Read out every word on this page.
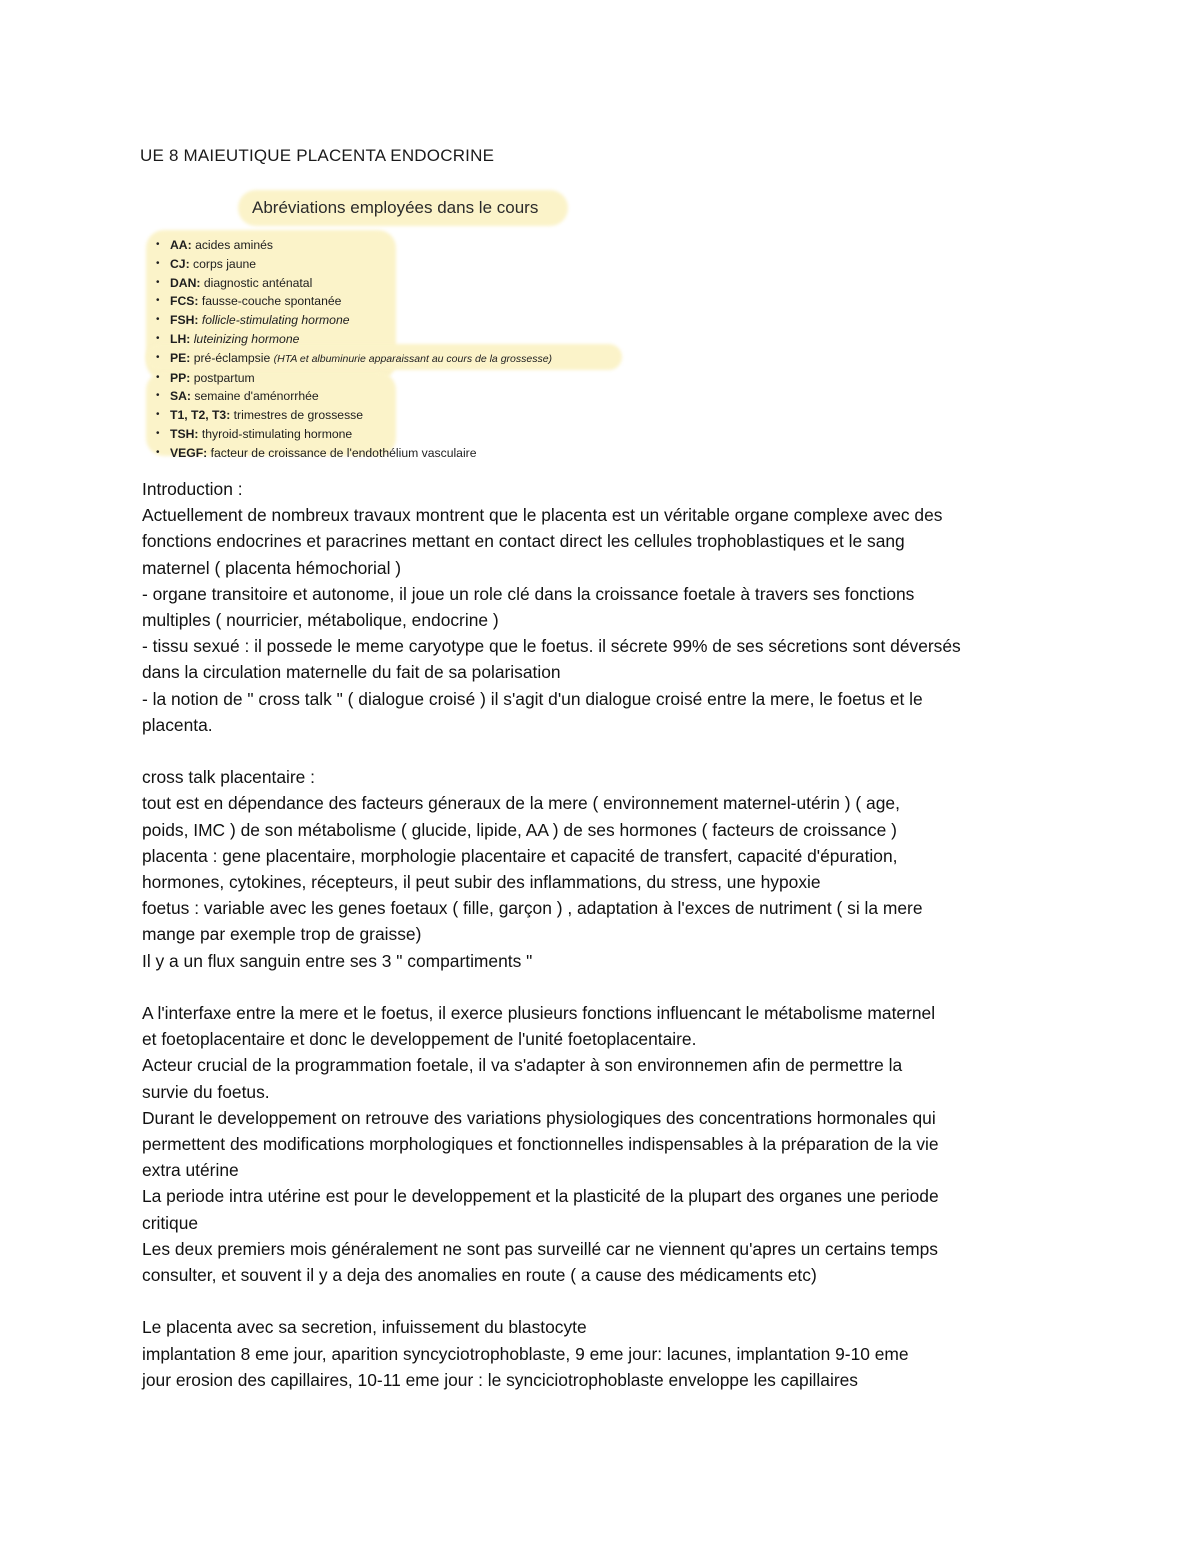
UE 8 MAIEUTIQUE PLACENTA ENDOCRINE
Abréviations employées dans le cours
• AA: acides aminés
• CJ: corps jaune
• DAN: diagnostic anténatal
• FCS: fausse-couche spontanée
• FSH: follicle-stimulating hormone
• LH: luteinizing hormone
• PE: pré-éclampsie (HTA et albuminurie apparaissant au cours de la grossesse)
• PP: postpartum
• SA: semaine d'aménorrhée
• T1, T2, T3: trimestres de grossesse
• TSH: thyroid-stimulating hormone
• VEGF: facteur de croissance de l'endothélium vasculaire

Introduction :

Actuellement de nombreux travaux montrent que le placenta est un véritable organe complexe avec des

fonctions endocrines et paracrines mettant en contact direct les cellules trophoblastiques et le sang

maternel ( placenta hémochorial )

- organe transitoire et autonome, il joue un role clé dans la croissance foetale à travers ses fonctions

multiples ( nourricier, métabolique, endocrine )

- tissu sexué : il possede le meme caryotype que le foetus. il sécrete 99% de ses sécretions sont déversés

dans la circulation maternelle du fait de sa polarisation

- la notion de " cross talk " ( dialogue croisé ) il s'agit d'un dialogue croisé entre la mere, le foetus et le

placenta.

cross talk placentaire :

tout est en dépendance des facteurs géneraux de la mere ( environnement maternel-utérin ) ( age,

poids, IMC ) de son métabolisme ( glucide, lipide, AA ) de ses hormones ( facteurs de croissance )

placenta : gene placentaire, morphologie placentaire et capacité de transfert, capacité d'épuration,

hormones, cytokines, récepteurs, il peut subir des inflammations, du stress, une hypoxie

foetus : variable avec les genes foetaux ( fille, garçon ) , adaptation à l'exces de nutriment ( si la mere

mange par exemple trop de graisse)

Il y a un flux sanguin entre ses 3 " compartiments "

A l'interfaxe entre la mere et le foetus, il exerce plusieurs fonctions influencant le métabolisme maternel

et foetoplacentaire et donc le developpement de l'unité foetoplacentaire.

Acteur crucial de la programmation foetale, il va s'adapter à son environnemen afin de permettre la

survie du foetus.

Durant le developpement on retrouve des variations physiologiques des concentrations hormonales qui

permettent des modifications morphologiques et fonctionnelles indispensables à la préparation de la vie

extra utérine

La periode intra utérine est pour le developpement et la plasticité de la plupart des organes une periode

critique

Les deux premiers mois généralement ne sont pas surveillé car ne viennent qu'apres un certains temps

consulter, et souvent il y a deja des anomalies en route ( a cause des médicaments etc)

Le placenta avec sa secretion, infuissement du blastocyte

implantation 8 eme jour, aparition syncyciotrophoblaste, 9 eme jour: lacunes, implantation 9-10 eme

jour erosion des capillaires, 10-11 eme jour : le synciciotrophoblaste enveloppe les capillaires
